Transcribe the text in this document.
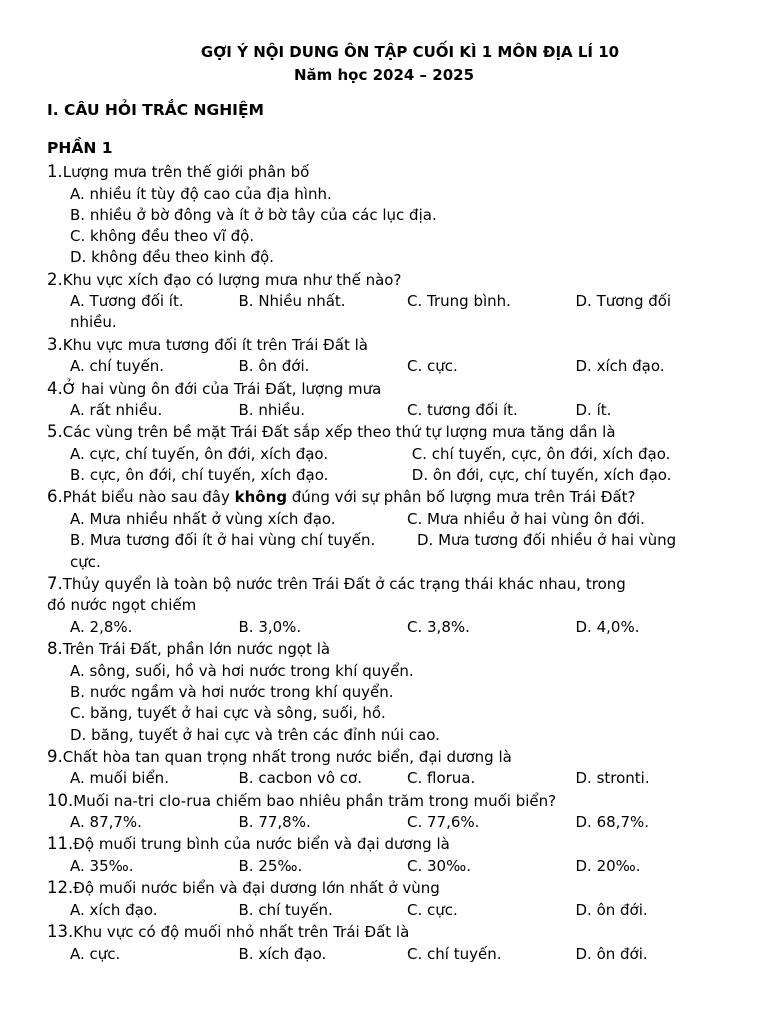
GỢI Ý NỘI DUNG ÔN TẬP CUỐI KÌ 1 MÔN ĐỊA LÍ 10
Năm học 2024 – 2025
I. CÂU HỎI TRẮC NGHIỆM
PHẦN 1
1.Lượng mưa trên thế giới phân bố
A. nhiều ít tùy độ cao của địa hình.
B. nhiều ở bờ đông và ít ở bờ tây của các lục địa.
C. không đều theo vĩ độ.
D. không đều theo kinh độ.
2.Khu vực xích đạo có lượng mưa như thế nào?
A. Tương đối ít.	B. Nhiều nhất.	C. Trung bình.	D. Tương đối
nhiều.
3.Khu vực mưa tương đối ít trên Trái Đất là
A. chí tuyến.	B. ôn đới.	C. cực.	D. xích đạo.
4.Ở hai vùng ôn đới của Trái Đất, lượng mưa
A. rất nhiều.	B. nhiều.	C. tương đối ít.	D. ít.
5.Các vùng trên bề mặt Trái Đất sắp xếp theo thứ tự lượng mưa tăng dần là
A. cực, chí tuyến, ôn đới, xích đạo.	C. chí tuyến, cực, ôn đới, xích đạo.
B. cực, ôn đới, chí tuyến, xích đạo.	D. ôn đới, cực, chí tuyến, xích đạo.
6.Phát biểu nào sau đây không đúng với sự phân bố lượng mưa trên Trái Đất?
A. Mưa nhiều nhất ở vùng xích đạo.	C. Mưa nhiều ở hai vùng ôn đới.
B. Mưa tương đối ít ở hai vùng chí tuyến.	D. Mưa tương đối nhiều ở hai vùng
cực.
7.Thủy quyển là toàn bộ nước trên Trái Đất ở các trạng thái khác nhau, trong
đó nước ngọt chiếm
A. 2,8%.	B. 3,0%.	C. 3,8%.	D. 4,0%.
8.Trên Trái Đất, phần lớn nước ngọt là
A. sông, suối, hồ và hơi nước trong khí quyển.
B. nước ngầm và hơi nước trong khí quyển.
C. băng, tuyết ở hai cực và sông, suối, hồ.
D. băng, tuyết ở hai cực và trên các đỉnh núi cao.
9.Chất hòa tan quan trọng nhất trong nước biển, đại dương là
A. muối biển.	B. cacbon vô cơ.	C. florua.	D. stronti.
10.Muối na-tri clo-rua chiếm bao nhiêu phần trăm trong muối biển?
A. 87,7%.	B. 77,8%.	C. 77,6%.	D. 68,7%.
11.Độ muối trung bình của nước biển và đại dương là
A. 35‰.	B. 25‰.	C. 30‰.	D. 20‰.
12.Độ muối nước biển và đại dương lớn nhất ở vùng
A. xích đạo.	B. chí tuyến.	C. cực.	D. ôn đới.
13.Khu vực có độ muối nhỏ nhất trên Trái Đất là
A. cực.	B. xích đạo.	C. chí tuyến.	D. ôn đới.
